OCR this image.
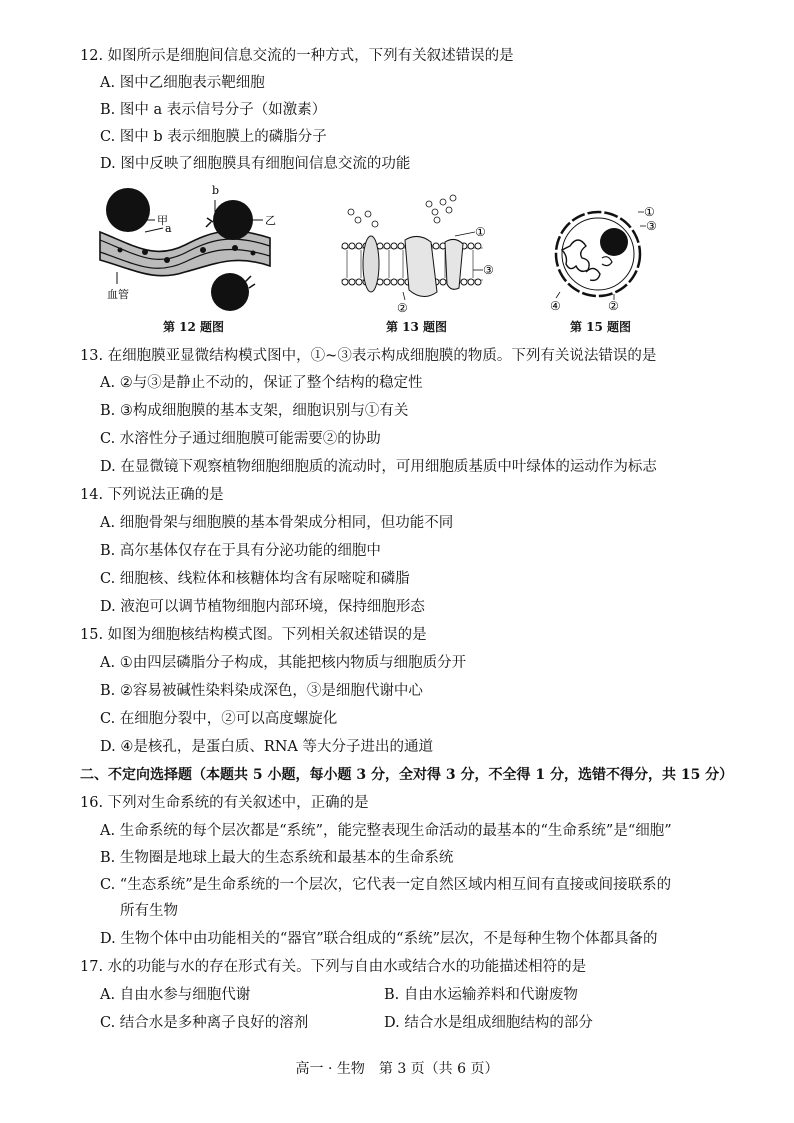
12. 如图所示是细胞间信息交流的一种方式，下列有关叙述错误的是
A. 图中乙细胞表示靶细胞
B. 图中 a 表示信号分子（如激素）
C. 图中 b 表示细胞膜上的磷脂分子
D. 图中反映了细胞膜具有细胞间信息交流的功能
甲
a
b
乙
血管
第 12 题图
①
③
②
第 13 题图
①
③
②
④
第 15 题图
13. 在细胞膜亚显微结构模式图中，①~③表示构成细胞膜的物质。下列有关说法错误的是
A. ②与③是静止不动的，保证了整个结构的稳定性
B. ③构成细胞膜的基本支架，细胞识别与①有关
C. 水溶性分子通过细胞膜可能需要②的协助
D. 在显微镜下观察植物细胞细胞质的流动时，可用细胞质基质中叶绿体的运动作为标志
14. 下列说法正确的是
A. 细胞骨架与细胞膜的基本骨架成分相同，但功能不同
B. 高尔基体仅存在于具有分泌功能的细胞中
C. 细胞核、线粒体和核糖体均含有尿嘧啶和磷脂
D. 液泡可以调节植物细胞内部环境，保持细胞形态
15. 如图为细胞核结构模式图。下列相关叙述错误的是
A. ①由四层磷脂分子构成，其能把核内物质与细胞质分开
B. ②容易被碱性染料染成深色，③是细胞代谢中心
C. 在细胞分裂中，②可以高度螺旋化
D. ④是核孔，是蛋白质、RNA 等大分子进出的通道
二、不定向选择题（本题共 5 小题，每小题 3 分，全对得 3 分，不全得 1 分，选错不得分，共 15 分）
16. 下列对生命系统的有关叙述中，正确的是
A. 生命系统的每个层次都是“系统”，能完整表现生命活动的最基本的“生命系统”是“细胞”
B. 生物圈是地球上最大的生态系统和最基本的生命系统
C. “生态系统”是生命系统的一个层次，它代表一定自然区域内相互间有直接或间接联系的
所有生物
D. 生物个体中由功能相关的“器官”联合组成的“系统”层次，不是每种生物个体都具备的
17. 水的功能与水的存在形式有关。下列与自由水或结合水的功能描述相符的是
A. 自由水参与细胞代谢	B. 自由水运输养料和代谢废物
C. 结合水是多种离子良好的溶剂	D. 结合水是组成细胞结构的部分
高一 · 生物　第 3 页（共 6 页）
